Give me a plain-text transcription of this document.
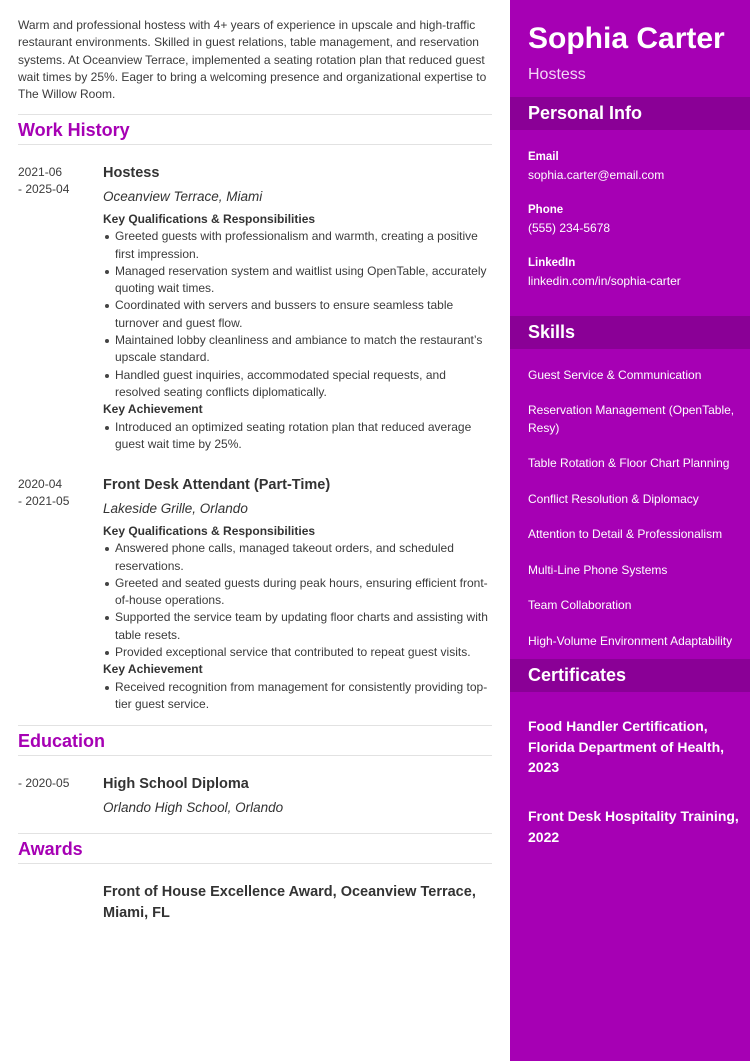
Warm and professional hostess with 4+ years of experience in upscale and high-traffic restaurant environments. Skilled in guest relations, table management, and reservation systems. At Oceanview Terrace, implemented a seating rotation plan that reduced guest wait times by 25%. Eager to bring a welcoming presence and organizational expertise to The Willow Room.

Work History
2021-06
- 2025-04
Hostess
Oceanview Terrace, Miami
Key Qualifications & Responsibilities
Greeted guests with professionalism and warmth, creating a positive first impression.
Managed reservation system and waitlist using OpenTable, accurately quoting wait times.
Coordinated with servers and bussers to ensure seamless table turnover and guest flow.
Maintained lobby cleanliness and ambiance to match the restaurant’s upscale standard.
Handled guest inquiries, accommodated special requests, and resolved seating conflicts diplomatically.
Key Achievement
Introduced an optimized seating rotation plan that reduced average guest wait time by 25%.
2020-04
- 2021-05
Front Desk Attendant (Part-Time)
Lakeside Grille, Orlando
Key Qualifications & Responsibilities
Answered phone calls, managed takeout orders, and scheduled reservations.
Greeted and seated guests during peak hours, ensuring efficient front-of-house operations.
Supported the service team by updating floor charts and assisting with table resets.
Provided exceptional service that contributed to repeat guest visits.
Key Achievement
Received recognition from management for consistently providing top-tier guest service.
Education
- 2020-05	High School Diploma
Orlando High School, Orlando
Awards
Front of House Excellence Award, Oceanview Terrace, Miami, FL
Sophia Carter
Hostess
Personal Info
Email
sophia.carter@email.com
Phone
(555) 234-5678
LinkedIn
linkedin.com/in/sophia-carter
Skills
Guest Service & Communication
Reservation Management (OpenTable, Resy)
Table Rotation & Floor Chart Planning
Conflict Resolution & Diplomacy
Attention to Detail & Professionalism
Multi-Line Phone Systems
Team Collaboration
High-Volume Environment Adaptability
Certificates
Food Handler Certification, Florida Department of Health, 2023
Front Desk Hospitality Training, 2022
